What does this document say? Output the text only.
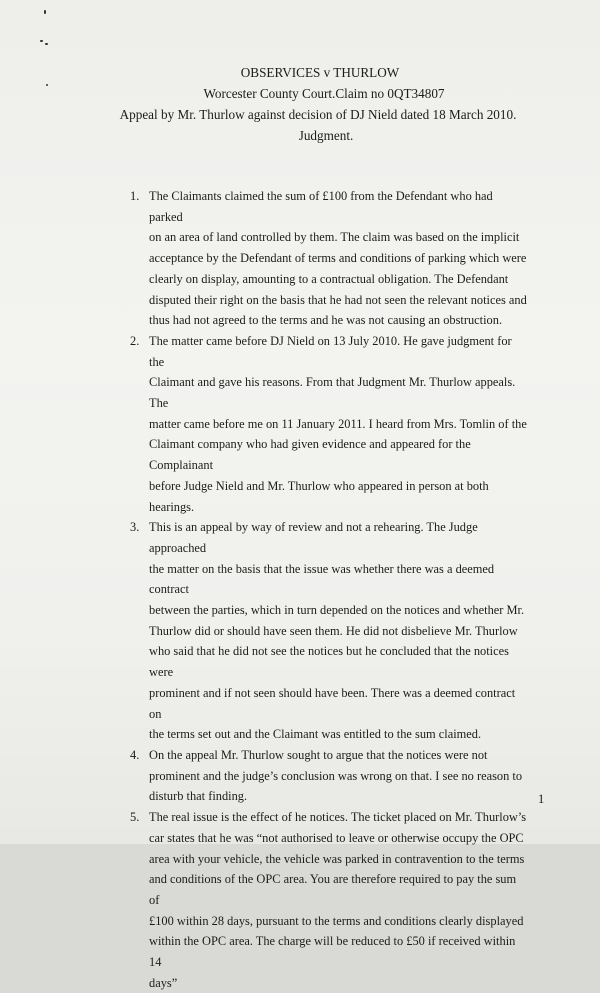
OBSERVICES v THURLOW
Worcester County Court.Claim no 0QT34807
Appeal by Mr. Thurlow against decision of DJ Nield dated 18 March 2010.
Judgment.
1. The Claimants claimed the sum of £100 from the Defendant who had parked
on an area of land controlled by them. The claim was based on the implicit
acceptance by the Defendant of terms and conditions of parking which were
clearly on display, amounting to a contractual obligation. The Defendant
disputed their right on the basis that he had not seen the relevant notices and
thus had not agreed to the terms and he was not causing an obstruction.
2. The matter came before DJ Nield on 13 July 2010. He gave judgment for the
Claimant and gave his reasons. From that Judgment Mr. Thurlow appeals. The
matter came before me on 11 January 2011. I heard from Mrs. Tomlin of the
Claimant company who had given evidence and appeared for the Complainant
before Judge Nield and Mr. Thurlow who appeared in person at both hearings.
3. This is an appeal by way of review and not a rehearing. The Judge approached
the matter on the basis that the issue was whether there was a deemed contract
between the parties, which in turn depended on the notices and whether Mr.
Thurlow did or should have seen them. He did not disbelieve Mr. Thurlow
who said that he did not see the notices but he concluded that the notices were
prominent and if not seen should have been. There was a deemed contract on
the terms set out and the Claimant was entitled to the sum claimed.
4. On the appeal Mr. Thurlow sought to argue that the notices were not
prominent and the judge’s conclusion was wrong on that. I see no reason to
disturb that finding.
5. The real issue is the effect of he notices. The ticket placed on Mr. Thurlow’s
car states that he was “not authorised to leave or otherwise occupy the OPC
area with your vehicle, the vehicle was parked in contravention to the terms
and conditions of the OPC area. You are therefore required to pay the sum of
£100 within 28 days, pursuant to the terms and conditions clearly displayed
within the OPC area. The charge will be reduced to £50 if received within 14
days”
1
